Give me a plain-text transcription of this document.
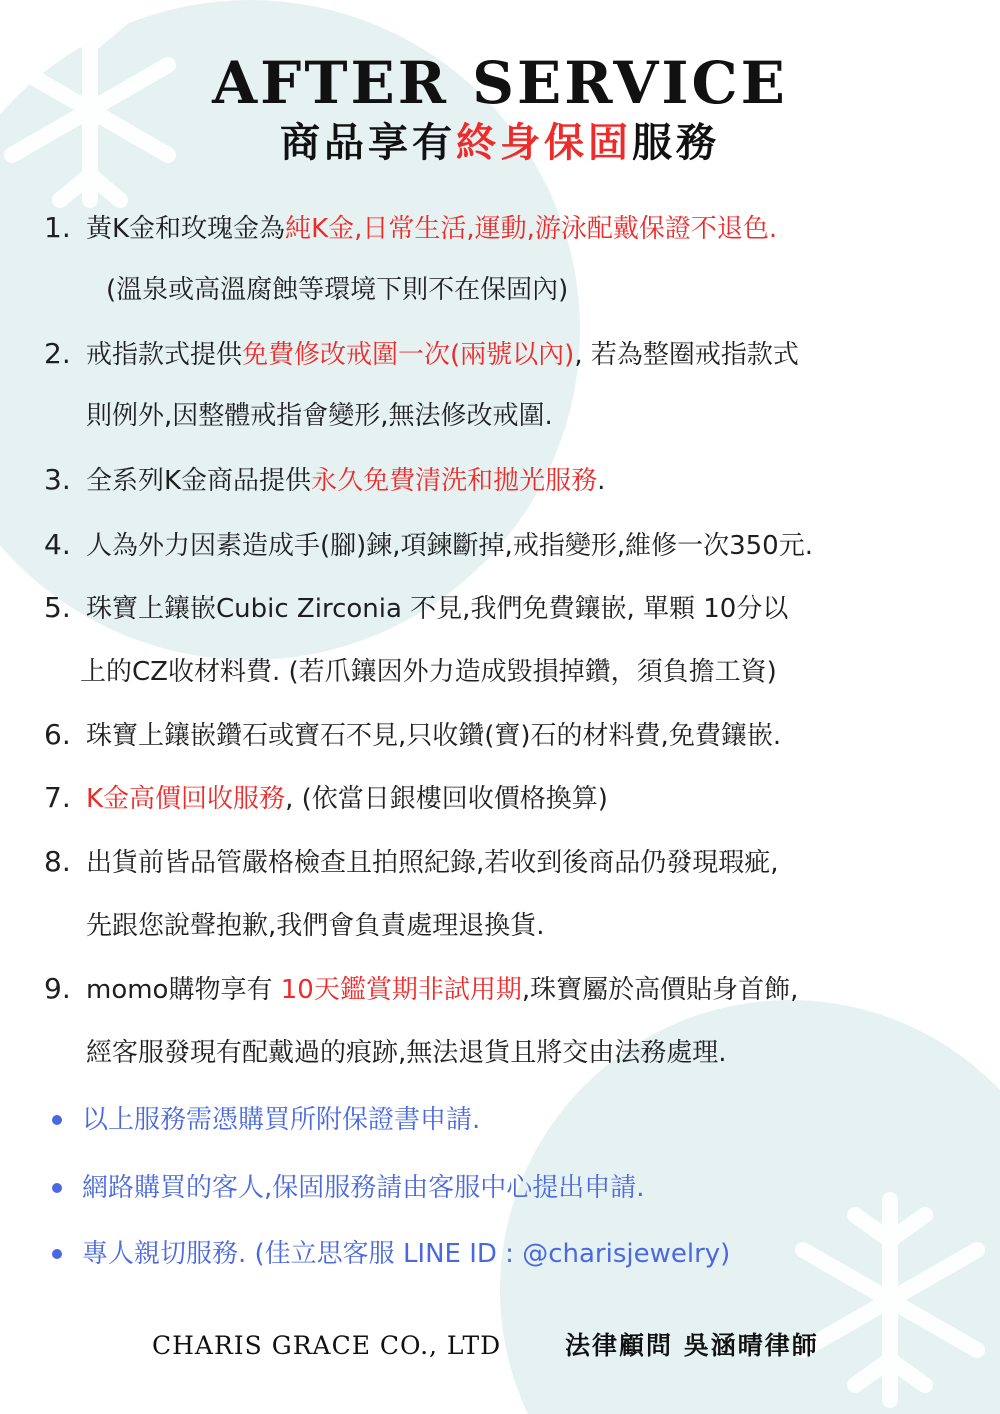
AFTER SERVICE
商品享有終身保固服務
1. 黃K金和玫瑰金為純K金,日常生活,運動,游泳配戴保證不退色.
(溫泉或高溫腐蝕等環境下則不在保固內)
2. 戒指款式提供免費修改戒圍一次(兩號以內), 若為整圈戒指款式
則例外,因整體戒指會變形,無法修改戒圍.
3. 全系列K金商品提供永久免費清洗和拋光服務.
4. 人為外力因素造成手(腳)鍊,項鍊斷掉,戒指變形,維修一次350元.
5. 珠寶上鑲嵌Cubic Zirconia 不見,我們免費鑲嵌, 單顆 10分以
上的CZ收材料費. (若爪鑲因外力造成毀損掉鑽，須負擔工資)
6. 珠寶上鑲嵌鑽石或寶石不見,只收鑽(寶)石的材料費,免費鑲嵌.
7. K金高價回收服務, (依當日銀樓回收價格換算)
8. 出貨前皆品管嚴格檢查且拍照紀錄,若收到後商品仍發現瑕疵,
先跟您說聲抱歉,我們會負責處理退換貨.
9. momo購物享有 10天鑑賞期非試用期,珠寶屬於高價貼身首飾,
經客服發現有配戴過的痕跡,無法退貨且將交由法務處理.
以上服務需憑購買所附保證書申請.
網路購買的客人,保固服務請由客服中心提出申請.
專人親切服務. (佳立思客服 LINE ID : @charisjewelry)
CHARIS GRACE CO., LTD	法律顧問 吳涵晴律師
